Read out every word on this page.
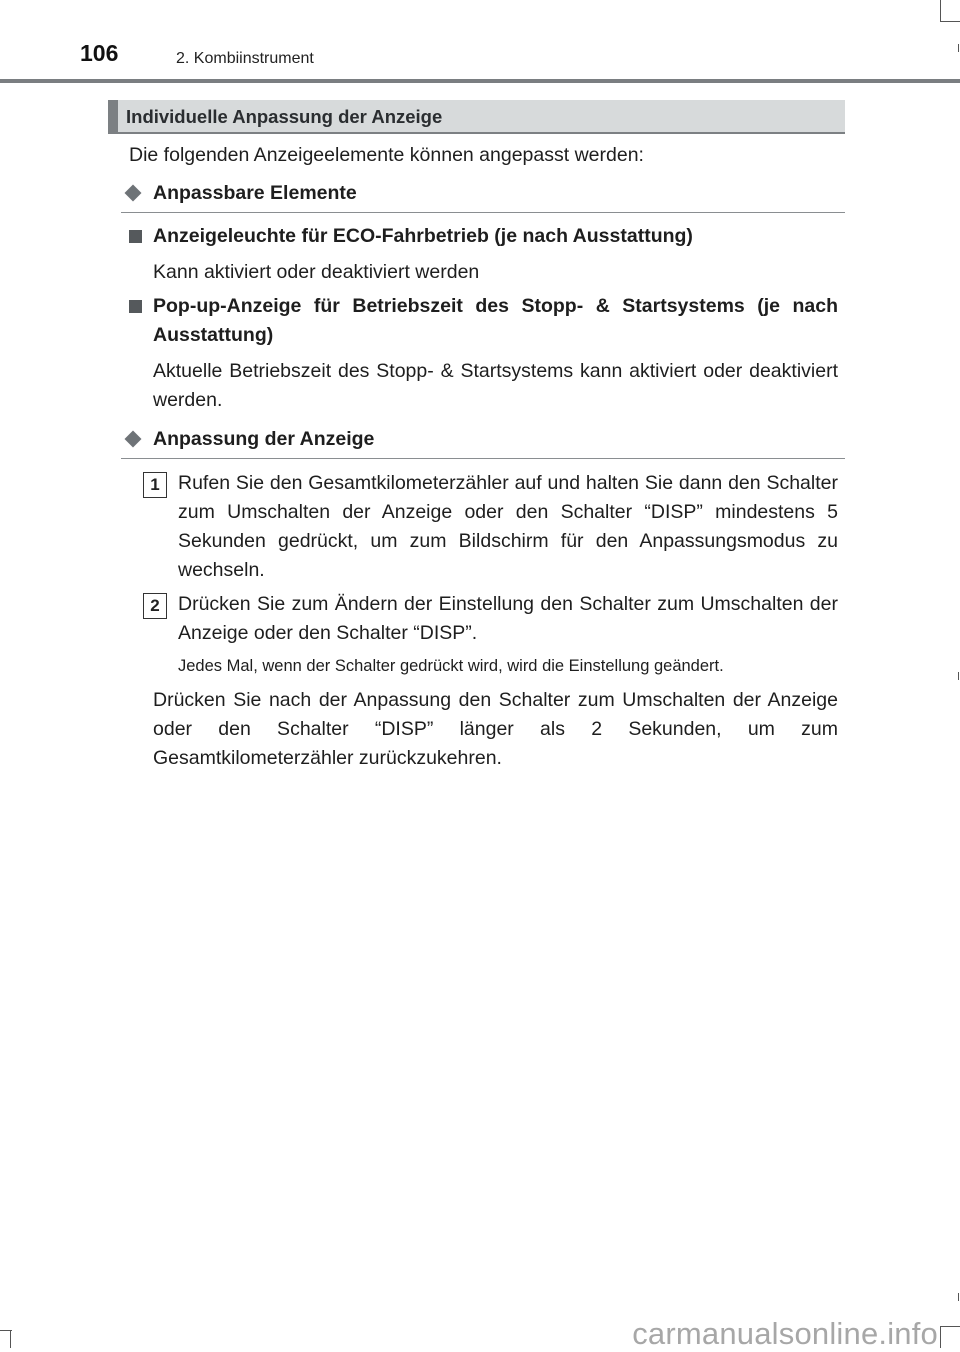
106	2. Kombiinstrument
Individuelle Anpassung der Anzeige
Die folgenden Anzeigeelemente können angepasst werden:
Anpassbare Elemente
Anzeigeleuchte für ECO-Fahrbetrieb (je nach Ausstattung)
Kann aktiviert oder deaktiviert werden
Pop-up-Anzeige für Betriebszeit des Stopp- & Startsystems (je nach Ausstattung)
Aktuelle Betriebszeit des Stopp- & Startsystems kann aktiviert oder deaktiviert werden.
Anpassung der Anzeige
1 Rufen Sie den Gesamtkilometerzähler auf und halten Sie dann den Schalter zum Umschalten der Anzeige oder den Schalter “DISP” mindestens 5 Sekunden gedrückt, um zum Bildschirm für den Anpassungsmodus zu wechseln.
2 Drücken Sie zum Ändern der Einstellung den Schalter zum Umschalten der Anzeige oder den Schalter “DISP”.
Jedes Mal, wenn der Schalter gedrückt wird, wird die Einstellung geändert.
Drücken Sie nach der Anpassung den Schalter zum Umschalten der Anzeige oder den Schalter “DISP” länger als 2 Sekunden, um zum Gesamtkilometerzähler zurückzukehren.
carmanualsonline.info
